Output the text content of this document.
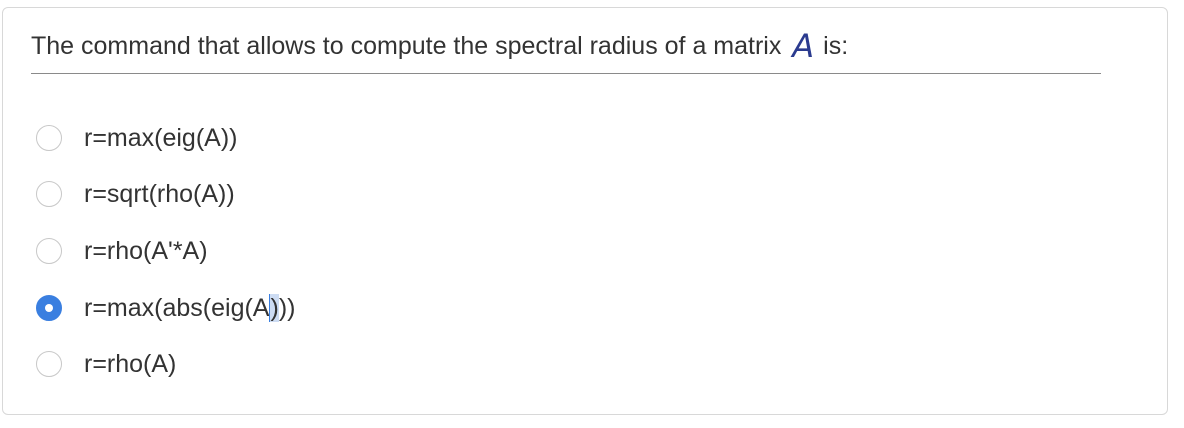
The command that allows to compute the spectral radius of a matrix A is:
r=max(eig(A))
r=sqrt(rho(A))
r=rho(A'*A)
r=max(abs(eig(A)))
r=rho(A)
